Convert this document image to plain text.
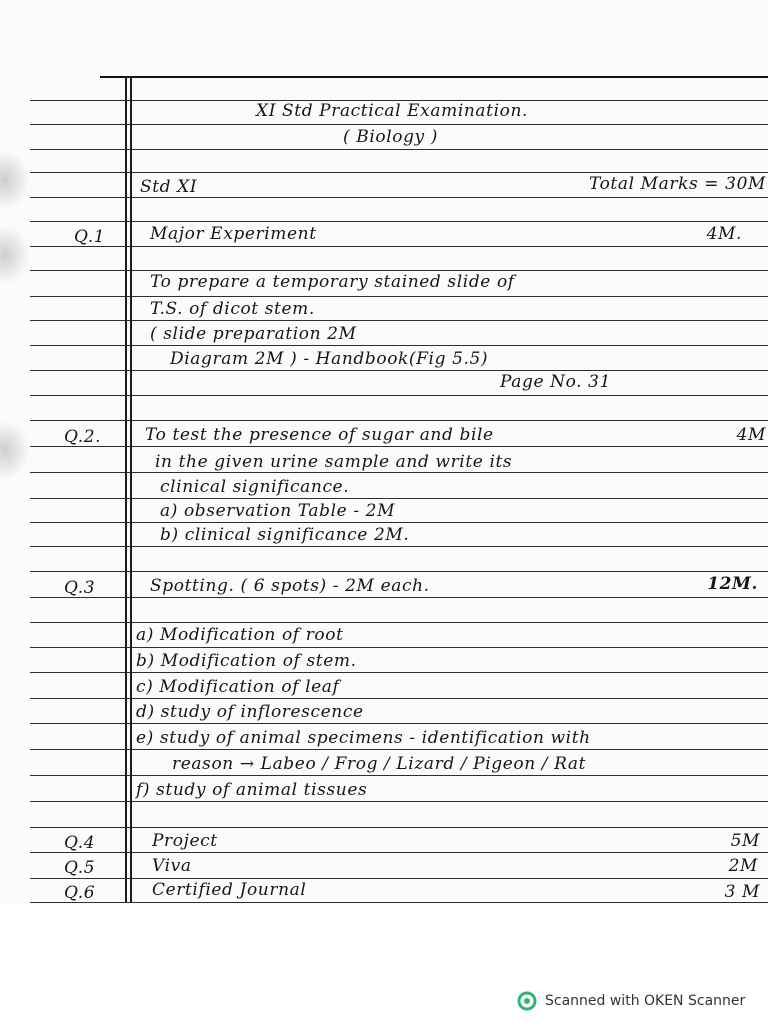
XI Std Practical Examination.
( Biology )
Std XI	Total Marks = 30M
Q.1	Major Experiment	4M.
To prepare a temporary stained slide of
T.S. of dicot stem.
( slide preparation 2M
Diagram 2M ) - Handbook(Fig 5.5)
Page No. 31
Q.2.	To test the presence of sugar and bile	4M
in the given urine sample and write its
clinical significance.
a) observation Table - 2M
b) clinical significance 2M.
Q.3	Spotting. ( 6 spots) - 2M each.	12M.
a) Modification of root
b) Modification of stem.
c) Modification of leaf
d) study of inflorescence
e) study of animal specimens - identification with
reason → Labeo / Frog / Lizard / Pigeon / Rat
f) study of animal tissues
Q.4	Project	5M
Q.5	Viva	2M
Q.6	Certified Journal	3 M
Scanned with OKEN Scanner
